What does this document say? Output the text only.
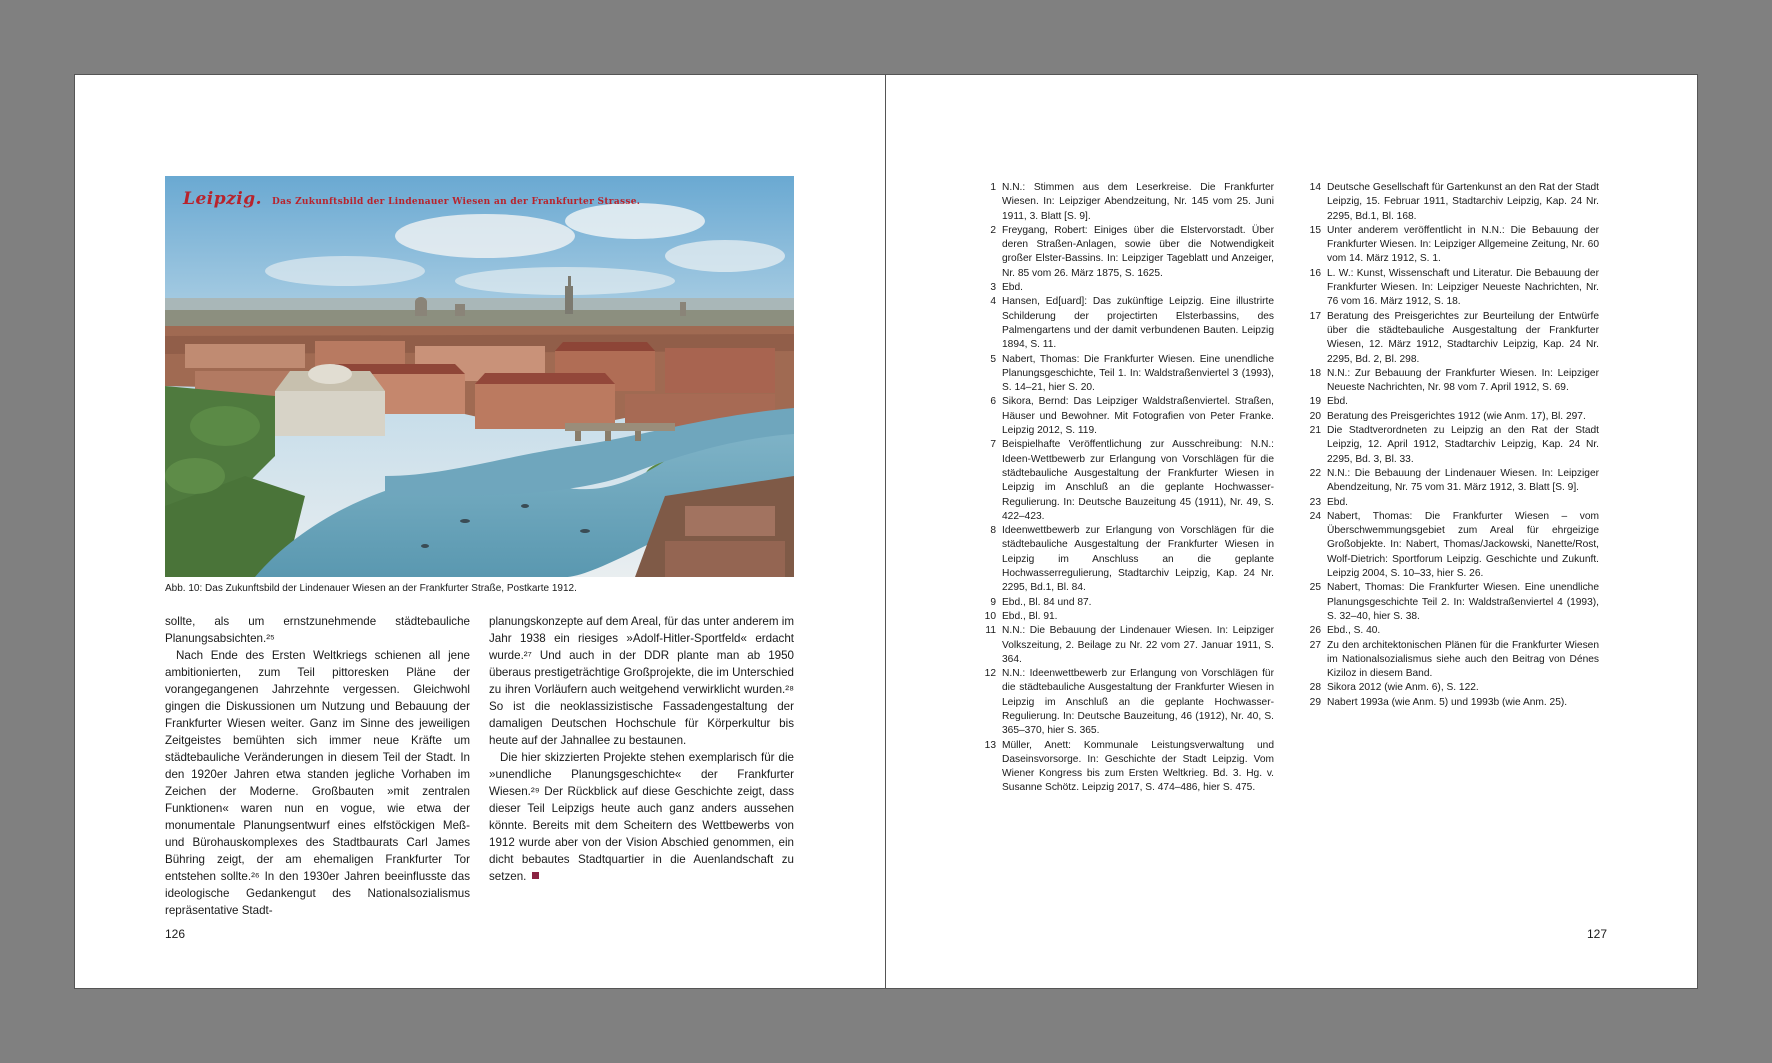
Leipzig. Das Zukunftsbild der Lindenauer Wiesen an der Frankfurter Strasse.
Abb. 10: Das Zukunftsbild der Lindenauer Wiesen an der Frankfurter Straße, Postkarte 1912.

sollte, als um ernstzunehmende städtebauliche Planungsabsichten.²⁵

Nach Ende des Ersten Weltkriegs schienen all jene ambitionierten, zum Teil pittoresken Pläne der vorangegangenen Jahrzehnte vergessen. Gleichwohl gingen die Diskussionen um Nutzung und Bebauung der Frankfurter Wiesen weiter. Ganz im Sinne des jeweiligen Zeitgeistes bemühten sich immer neue Kräfte um städtebauliche Veränderungen in diesem Teil der Stadt. In den 1920er Jahren etwa standen jegliche Vorhaben im Zeichen der Moderne. Großbauten »mit zentralen Funktionen« waren nun en vogue, wie etwa der monumentale Planungsentwurf eines elfstöckigen Meß- und Bürohauskomplexes des Stadtbaurats Carl James Bühring zeigt, der am ehemaligen Frankfurter Tor entstehen sollte.²⁶ In den 1930er Jahren beeinflusste das ideologische Gedankengut des Nationalsozialismus repräsentative Stadt-

planungskonzepte auf dem Areal, für das unter anderem im Jahr 1938 ein riesiges »Adolf-Hitler-Sportfeld« erdacht wurde.²⁷ Und auch in der DDR plante man ab 1950 überaus prestigeträchtige Großprojekte, die im Unterschied zu ihren Vorläufern auch weitgehend verwirklicht wurden.²⁸ So ist die neoklassizistische Fassadengestaltung der damaligen Deutschen Hochschule für Körperkultur bis heute auf der Jahnallee zu bestaunen.

Die hier skizzierten Projekte stehen exemplarisch für die »unendliche Planungsgeschichte« der Frankfurter Wiesen.²⁹ Der Rückblick auf diese Geschichte zeigt, dass dieser Teil Leipzigs heute auch ganz anders aussehen könnte. Bereits mit dem Scheitern des Wettbewerbs von 1912 wurde aber von der Vision Abschied genommen, ein dicht bebautes Stadtquartier in die Auenlandschaft zu setzen.

126
1 N.N.: Stimmen aus dem Leserkreise. Die Frankfurter Wiesen. In: Leipziger Abendzeitung, Nr. 145 vom 25. Juni 1911, 3. Blatt [S. 9].
2 Freygang, Robert: Einiges über die Elstervorstadt. Über deren Straßen-Anlagen, sowie über die Notwendigkeit großer Elster-Bassins. In: Leipziger Tageblatt und Anzeiger, Nr. 85 vom 26. März 1875, S. 1625.
3 Ebd.
4 Hansen, Ed[uard]: Das zukünftige Leipzig. Eine illustrirte Schilderung der projectirten Elsterbassins, des Palmengartens und der damit verbundenen Bauten. Leipzig 1894, S. 11.
5 Nabert, Thomas: Die Frankfurter Wiesen. Eine unendliche Planungsgeschichte, Teil 1. In: Waldstraßenviertel 3 (1993), S. 14–21, hier S. 20.
6 Sikora, Bernd: Das Leipziger Waldstraßenviertel. Straßen, Häuser und Bewohner. Mit Fotografien von Peter Franke. Leipzig 2012, S. 119.
7 Beispielhafte Veröffentlichung zur Ausschreibung: N.N.: Ideen-Wettbewerb zur Erlangung von Vorschlägen für die städtebauliche Ausgestaltung der Frankfurter Wiesen in Leipzig im Anschluß an die geplante Hochwasser-Regulierung. In: Deutsche Bauzeitung 45 (1911), Nr. 49, S. 422–423.
8 Ideenwettbewerb zur Erlangung von Vorschlägen für die städtebauliche Ausgestaltung der Frankfurter Wiesen in Leipzig im Anschluss an die geplante Hochwasserregulierung, Stadtarchiv Leipzig, Kap. 24 Nr. 2295, Bd.1, Bl. 84.
9 Ebd., Bl. 84 und 87.
10 Ebd., Bl. 91.
11 N.N.: Die Bebauung der Lindenauer Wiesen. In: Leipziger Volkszeitung, 2. Beilage zu Nr. 22 vom 27. Januar 1911, S. 364.
12 N.N.: Ideenwettbewerb zur Erlangung von Vorschlägen für die städtebauliche Ausgestaltung der Frankfurter Wiesen in Leipzig im Anschluß an die geplante Hochwasser-Regulierung. In: Deutsche Bauzeitung, 46 (1912), Nr. 40, S. 365–370, hier S. 365.
13 Müller, Anett: Kommunale Leistungsverwaltung und Daseinsvorsorge. In: Geschichte der Stadt Leipzig. Vom Wiener Kongress bis zum Ersten Weltkrieg. Bd. 3. Hg. v. Susanne Schötz. Leipzig 2017, S. 474–486, hier S. 475.
14 Deutsche Gesellschaft für Gartenkunst an den Rat der Stadt Leipzig, 15. Februar 1911, Stadtarchiv Leipzig, Kap. 24 Nr. 2295, Bd.1, Bl. 168.
15 Unter anderem veröffentlicht in N.N.: Die Bebauung der Frankfurter Wiesen. In: Leipziger Allgemeine Zeitung, Nr. 60 vom 14. März 1912, S. 1.
16 L. W.: Kunst, Wissenschaft und Literatur. Die Bebauung der Frankfurter Wiesen. In: Leipziger Neueste Nachrichten, Nr. 76 vom 16. März 1912, S. 18.
17 Beratung des Preisgerichtes zur Beurteilung der Entwürfe über die städtebauliche Ausgestaltung der Frankfurter Wiesen, 12. März 1912, Stadtarchiv Leipzig, Kap. 24 Nr. 2295, Bd. 2, Bl. 298.
18 N.N.: Zur Bebauung der Frankfurter Wiesen. In: Leipziger Neueste Nachrichten, Nr. 98 vom 7. April 1912, S. 69.
19 Ebd.
20 Beratung des Preisgerichtes 1912 (wie Anm. 17), Bl. 297.
21 Die Stadtverordneten zu Leipzig an den Rat der Stadt Leipzig, 12. April 1912, Stadtarchiv Leipzig, Kap. 24 Nr. 2295, Bd. 3, Bl. 33.
22 N.N.: Die Bebauung der Lindenauer Wiesen. In: Leipziger Abendzeitung, Nr. 75 vom 31. März 1912, 3. Blatt [S. 9].
23 Ebd.
24 Nabert, Thomas: Die Frankfurter Wiesen – vom Überschwemmungsgebiet zum Areal für ehrgeizige Großobjekte. In: Nabert, Thomas/Jackowski, Nanette/Rost, Wolf-Dietrich: Sportforum Leipzig. Geschichte und Zukunft. Leipzig 2004, S. 10–33, hier S. 26.
25 Nabert, Thomas: Die Frankfurter Wiesen. Eine unendliche Planungsgeschichte Teil 2. In: Waldstraßenviertel 4 (1993), S. 32–40, hier S. 38.
26 Ebd., S. 40.
27 Zu den architektonischen Plänen für die Frankfurter Wiesen im Nationalsozialismus siehe auch den Beitrag von Dénes Kiziloz in diesem Band.
28 Sikora 2012 (wie Anm. 6), S. 122.
29 Nabert 1993a (wie Anm. 5) und 1993b (wie Anm. 25).
127
